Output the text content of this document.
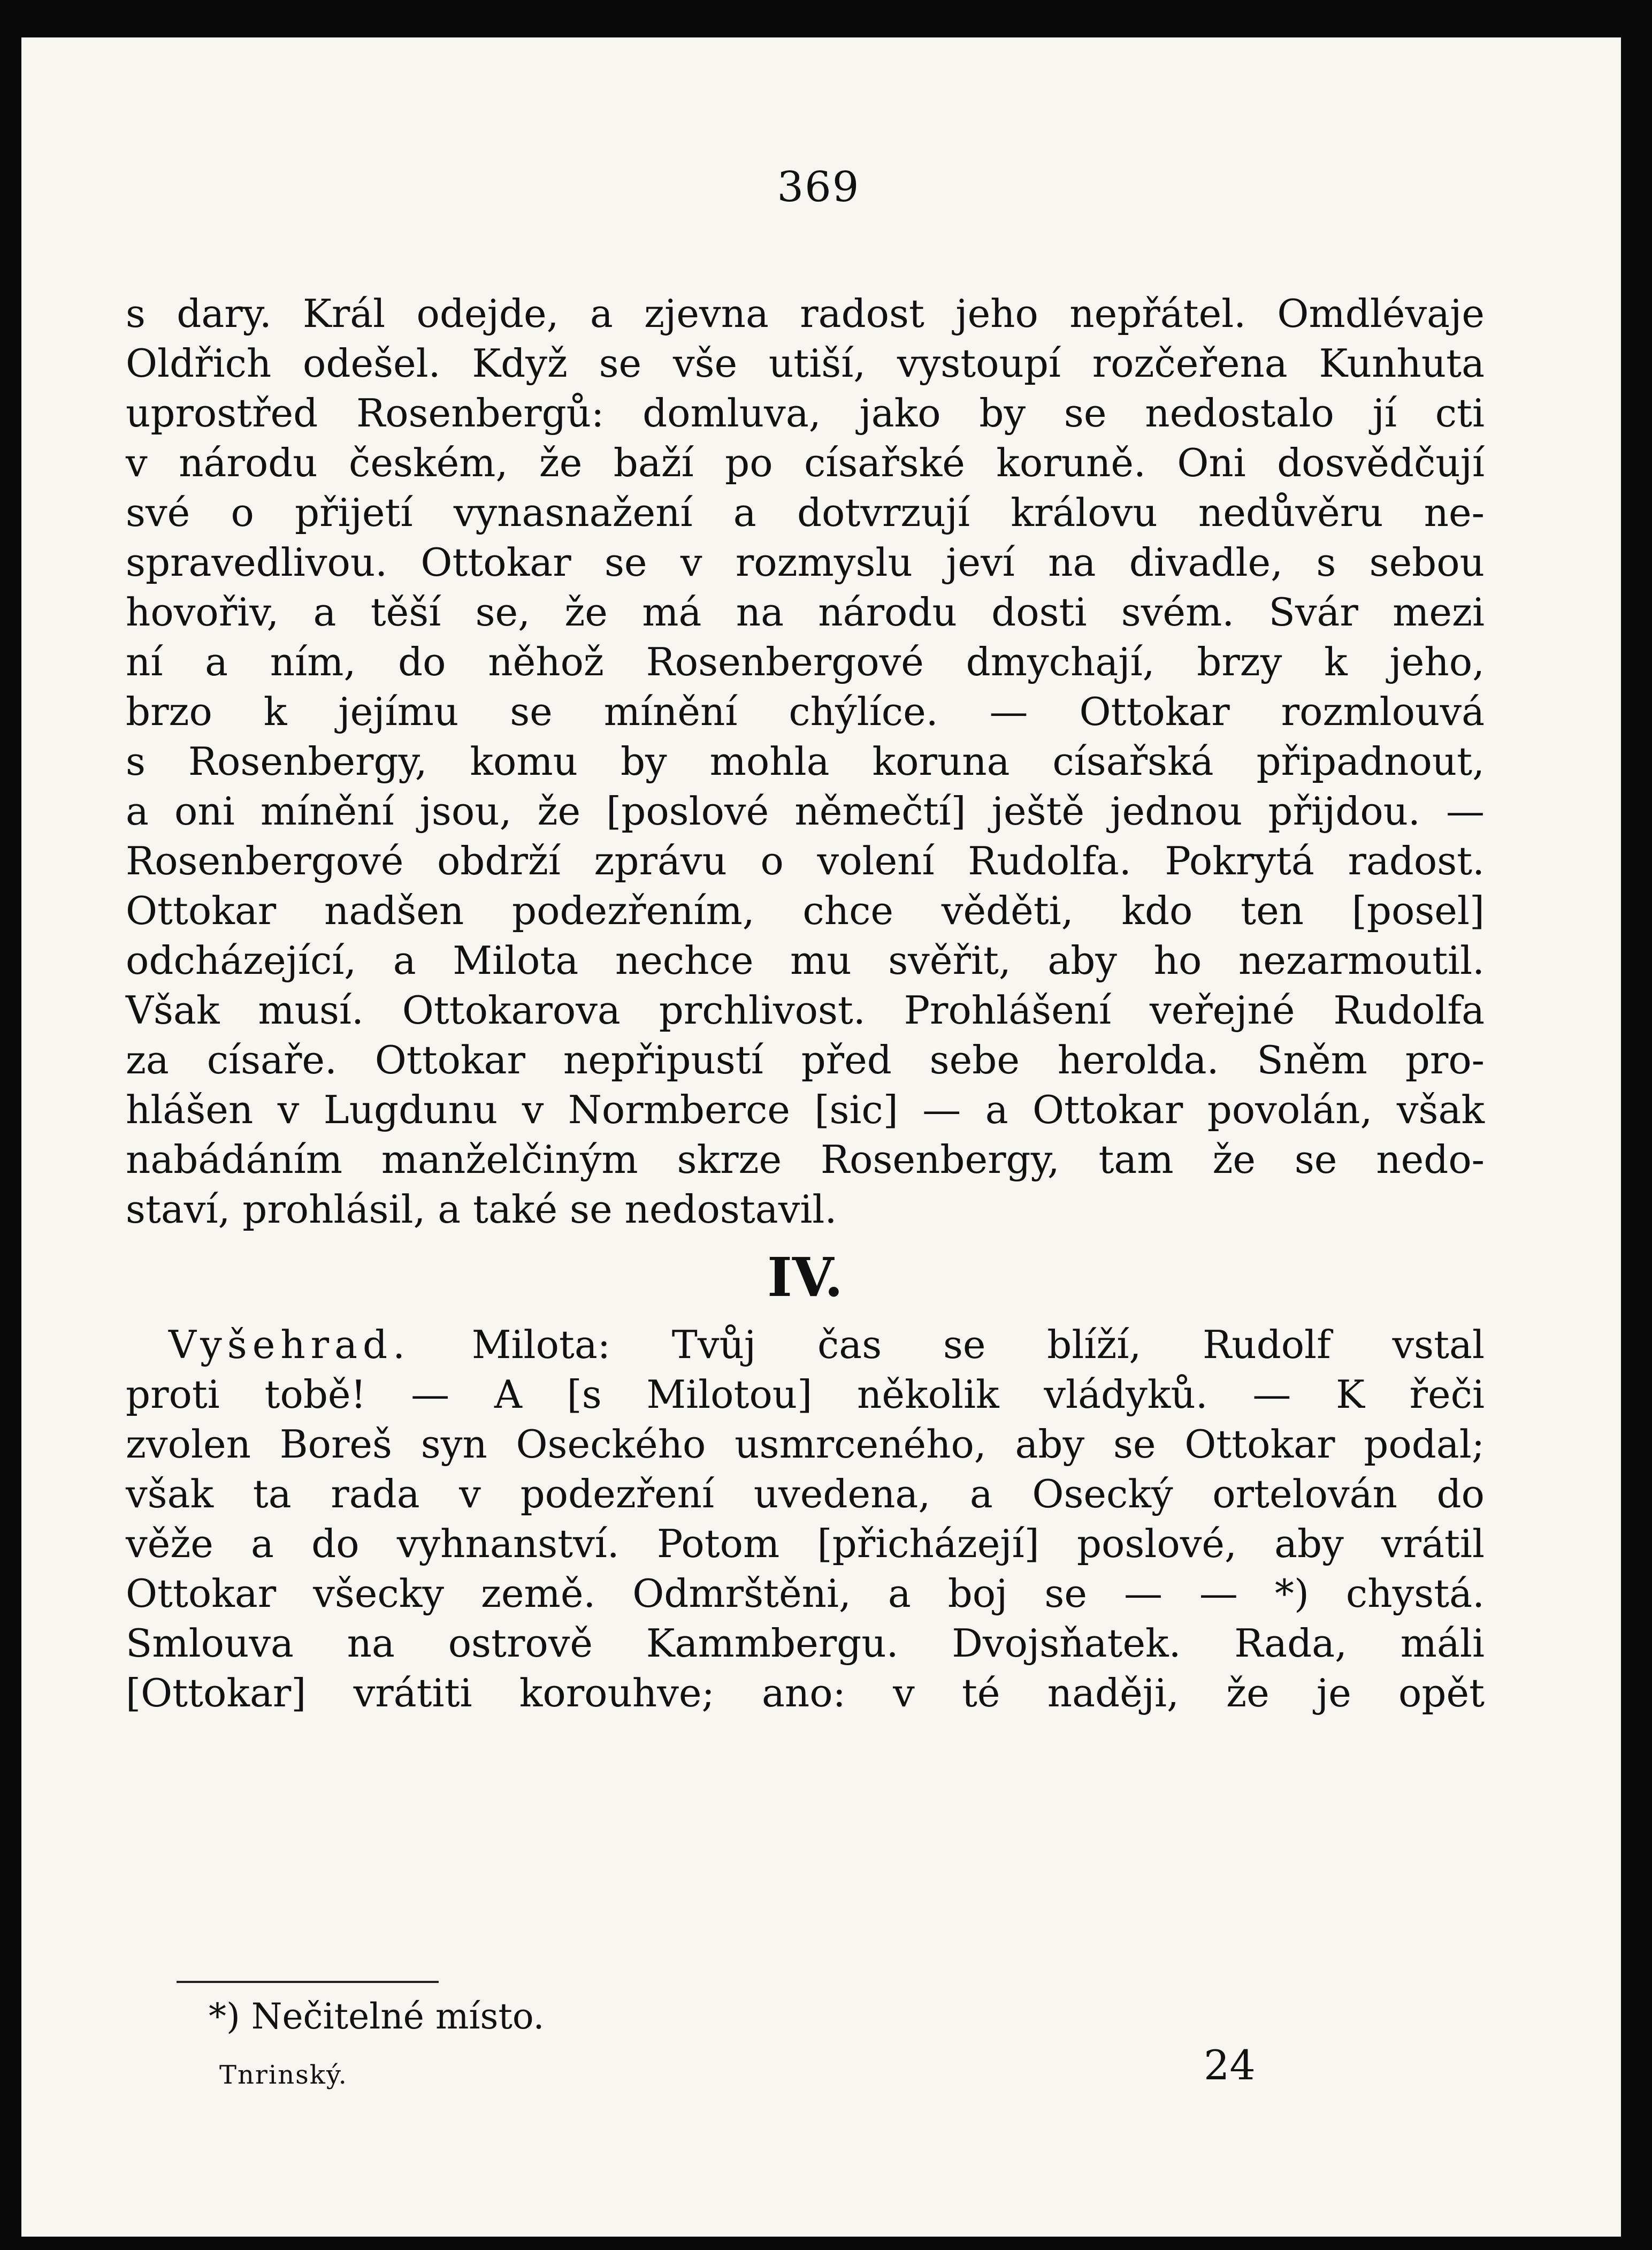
369
s dary. Král odejde, a zjevna radost jeho nepřátel. Omdlévaje
Oldřich odešel. Když se vše utiší, vystoupí rozčeřena Kunhuta
uprostřed Rosenbergů: domluva, jako by se nedostalo jí cti
v národu českém, že baží po císařské koruně. Oni dosvědčují
své o přijetí vynasnažení a dotvrzují královu nedůvěru ne-
spravedlivou. Ottokar se v rozmyslu jeví na divadle, s sebou
hovořiv, a těší se, že má na národu dosti svém. Svár mezi
ní a ním, do něhož Rosenbergové dmychají, brzy k jeho,
brzo k jejímu se mínění chýlíce. — Ottokar rozmlouvá
s Rosenbergy, komu by mohla koruna císařská připadnout,
a oni mínění jsou, že [poslové němečtí] ještě jednou přijdou. —
Rosenbergové obdrží zprávu o volení Rudolfa. Pokrytá radost.
Ottokar nadšen podezřením, chce věděti, kdo ten [posel]
odcházející, a Milota nechce mu svěřit, aby ho nezarmoutil.
Však musí. Ottokarova prchlivost. Prohlášení veřejné Rudolfa
za císaře. Ottokar nepřipustí před sebe herolda. Sněm pro-
hlášen v Lugdunu v Normberce [sic] — a Ottokar povolán, však
nabádáním manželčiným skrze Rosenbergy, tam že se nedo-
staví, prohlásil, a také se nedostavil.
IV.
Vyšehrad. Milota: Tvůj čas se blíží, Rudolf vstal
proti tobě! — A [s Milotou] několik vládyků. — K řeči
zvolen Boreš syn Oseckého usmrceného, aby se Ottokar podal;
však ta rada v podezření uvedena, a Osecký ortelován do
věže a do vyhnanství. Potom [přicházejí] poslové, aby vrátil
Ottokar všecky země. Odmrštěni, a boj se — — *) chystá.
Smlouva na ostrově Kammbergu. Dvojsňatek. Rada, máli
[Ottokar] vrátiti korouhve; ano: v té naději, že je opět
*) Nečitelné místo.
Tnrinský.	24
